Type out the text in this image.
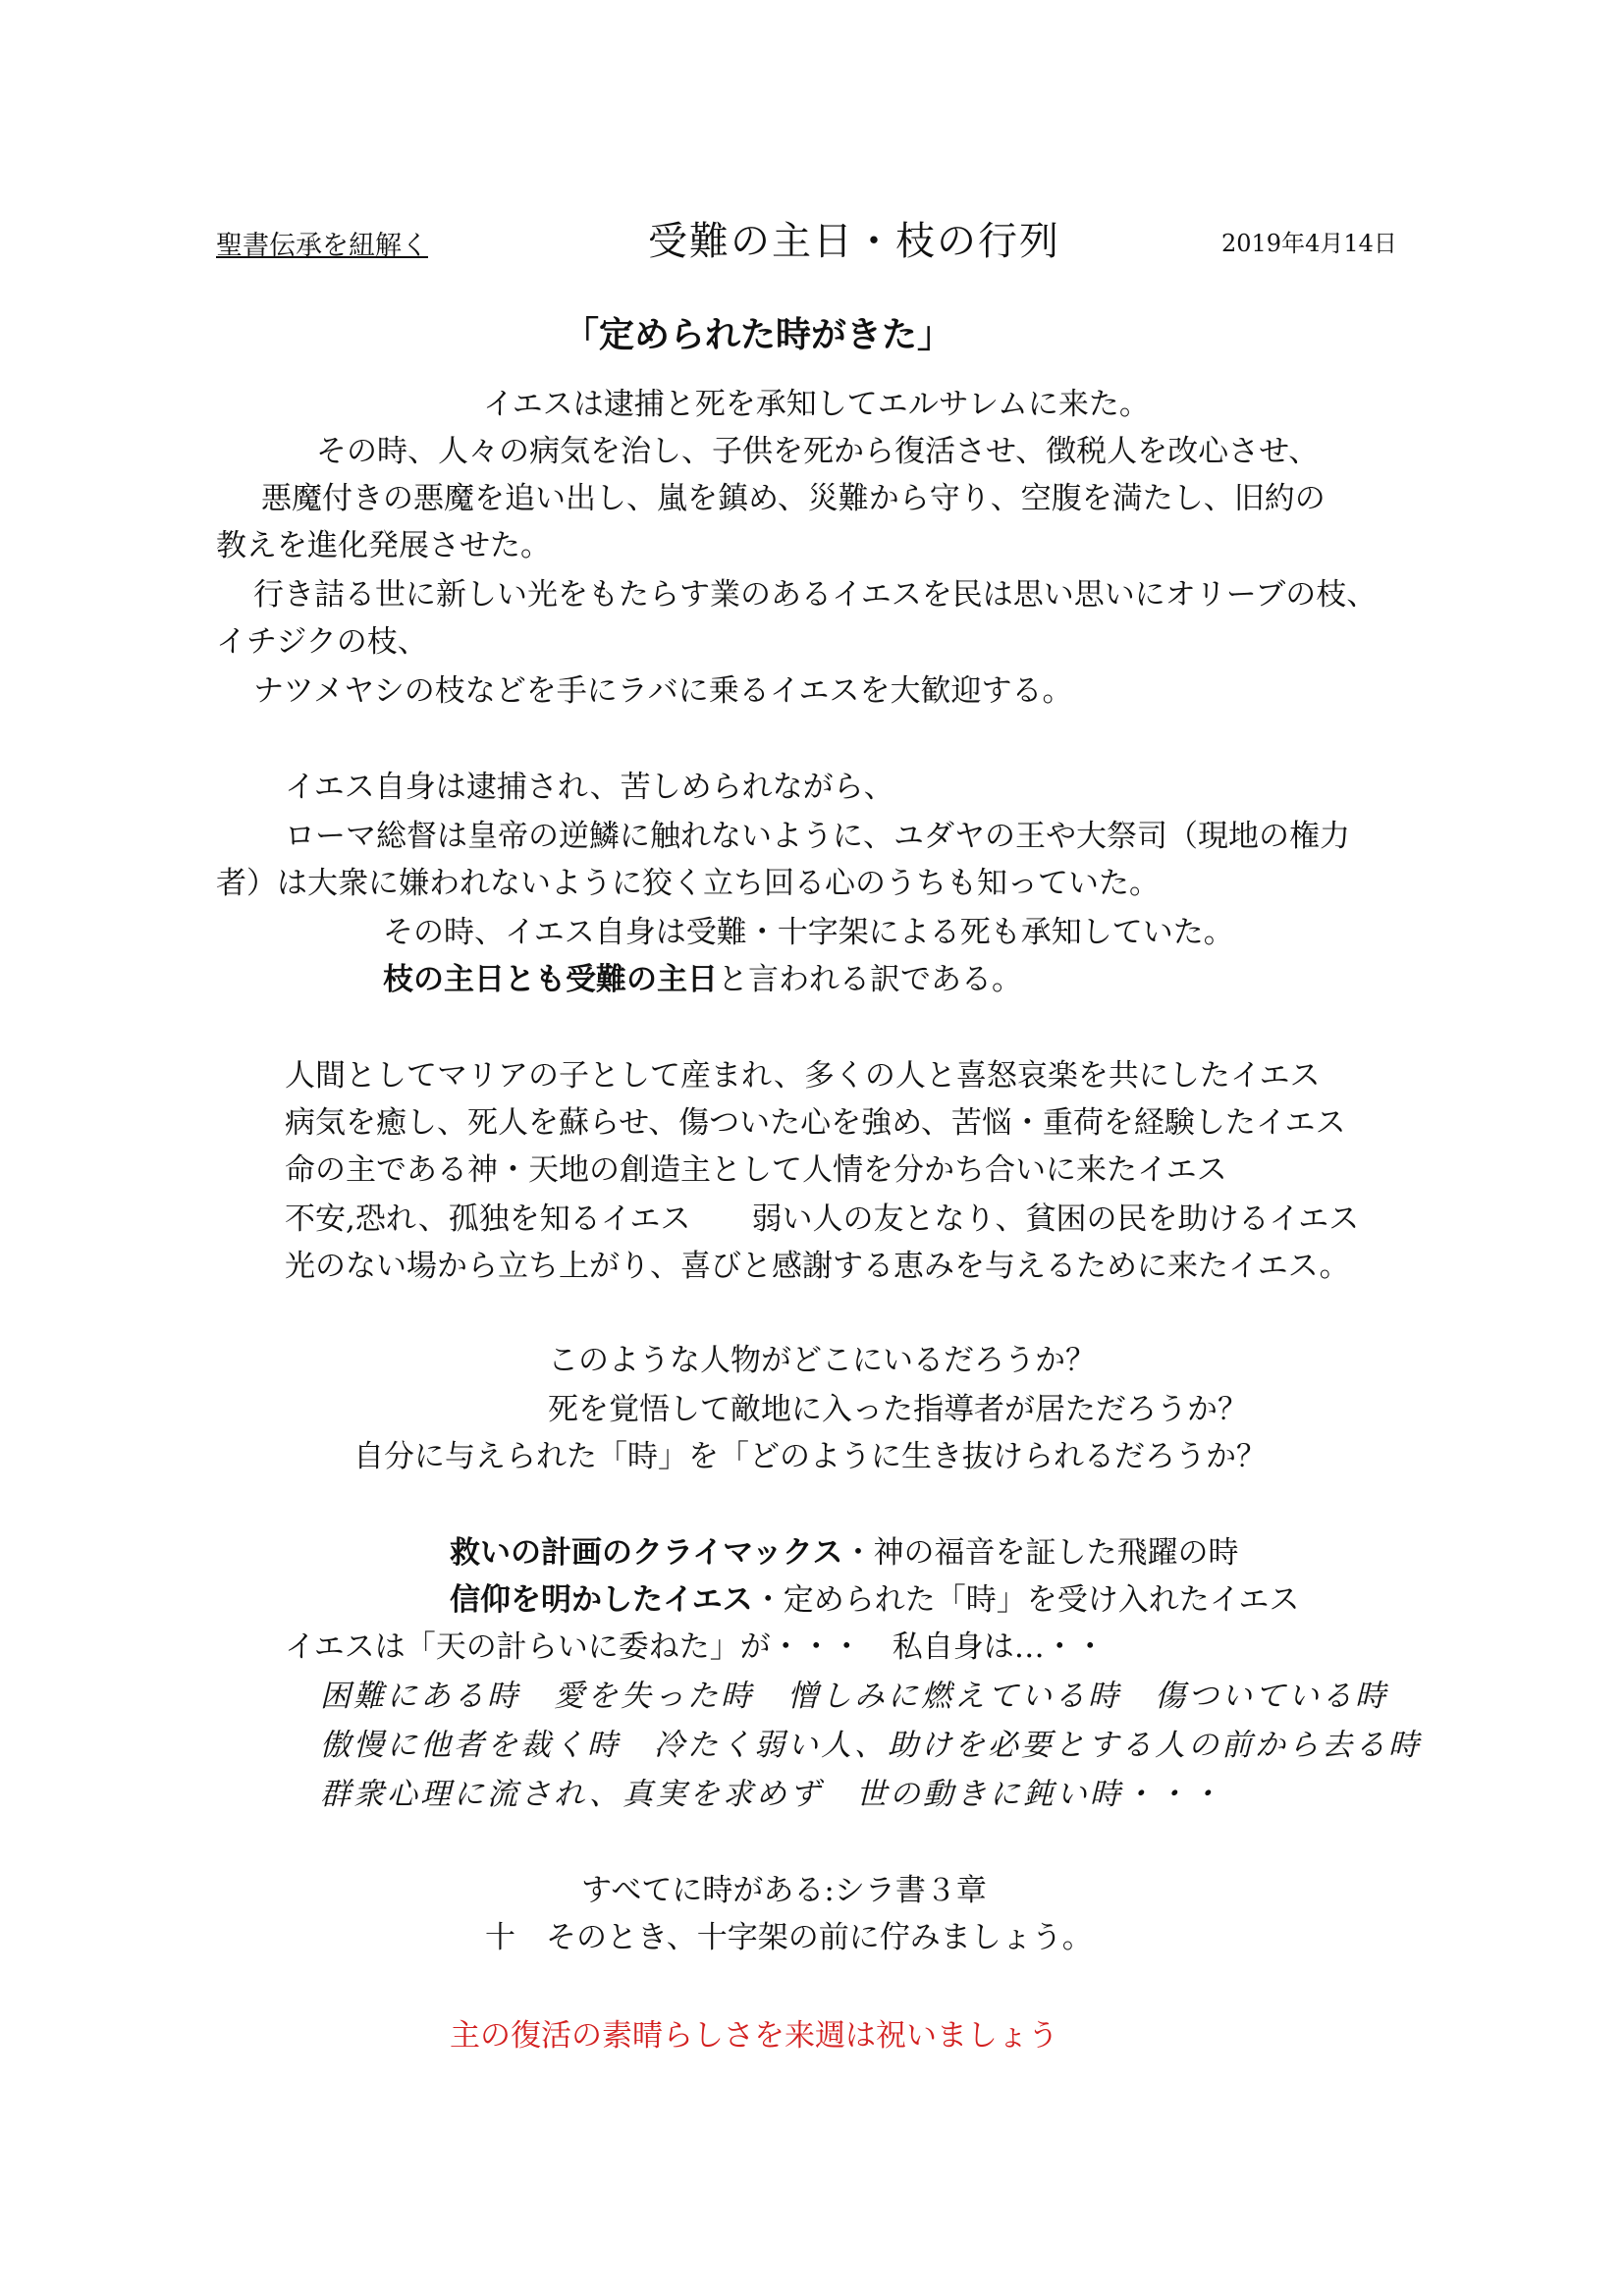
聖書伝承を紐解く	受難の主日・枝の行列	2019年4月14日
「定められた時がきた」
イエスは逮捕と死を承知してエルサレムに来た。
その時、人々の病気を治し、子供を死から復活させ、徴税人を改心させ、
悪魔付きの悪魔を追い出し、嵐を鎮め、災難から守り、空腹を満たし、旧約の
教えを進化発展させた。
行き詰る世に新しい光をもたらす業のあるイエスを民は思い思いにオリーブの枝、
イチジクの枝、
ナツメヤシの枝などを手にラバに乗るイエスを大歓迎する。
イエス自身は逮捕され、苦しめられながら、
ローマ総督は皇帝の逆鱗に触れないように、ユダヤの王や大祭司（現地の権力
者）は大衆に嫌われないように狡く立ち回る心のうちも知っていた。
その時、イエス自身は受難・十字架による死も承知していた。
枝の主日とも受難の主日と言われる訳である。
人間としてマリアの子として産まれ、多くの人と喜怒哀楽を共にしたイエス
病気を癒し、死人を蘇らせ、傷ついた心を強め、苦悩・重荷を経験したイエス
命の主である神・天地の創造主として人情を分かち合いに来たイエス
不安,恐れ、孤独を知るイエス　　弱い人の友となり、貧困の民を助けるイエス
光のない場から立ち上がり、喜びと感謝する恵みを与えるために来たイエス。
このような人物がどこにいるだろうか？
死を覚悟して敵地に入った指導者が居ただろうか？
自分に与えられた「時」を「どのように生き抜けられるだろうか？
救いの計画のクライマックス・神の福音を証した飛躍の時
信仰を明かしたイエス・定められた「時」を受け入れたイエス
イエスは「天の計らいに委ねた」が・・・　私自身は…・・
困難にある時　愛を失った時　憎しみに燃えている時　傷ついている時
傲慢に他者を裁く時　冷たく弱い人、助けを必要とする人の前から去る時
群衆心理に流され、真実を求めず　世の動きに鈍い時・・・
すべてに時がある:シラ書３章
十　そのとき、十字架の前に佇みましょう。
主の復活の素晴らしさを来週は祝いましょう
